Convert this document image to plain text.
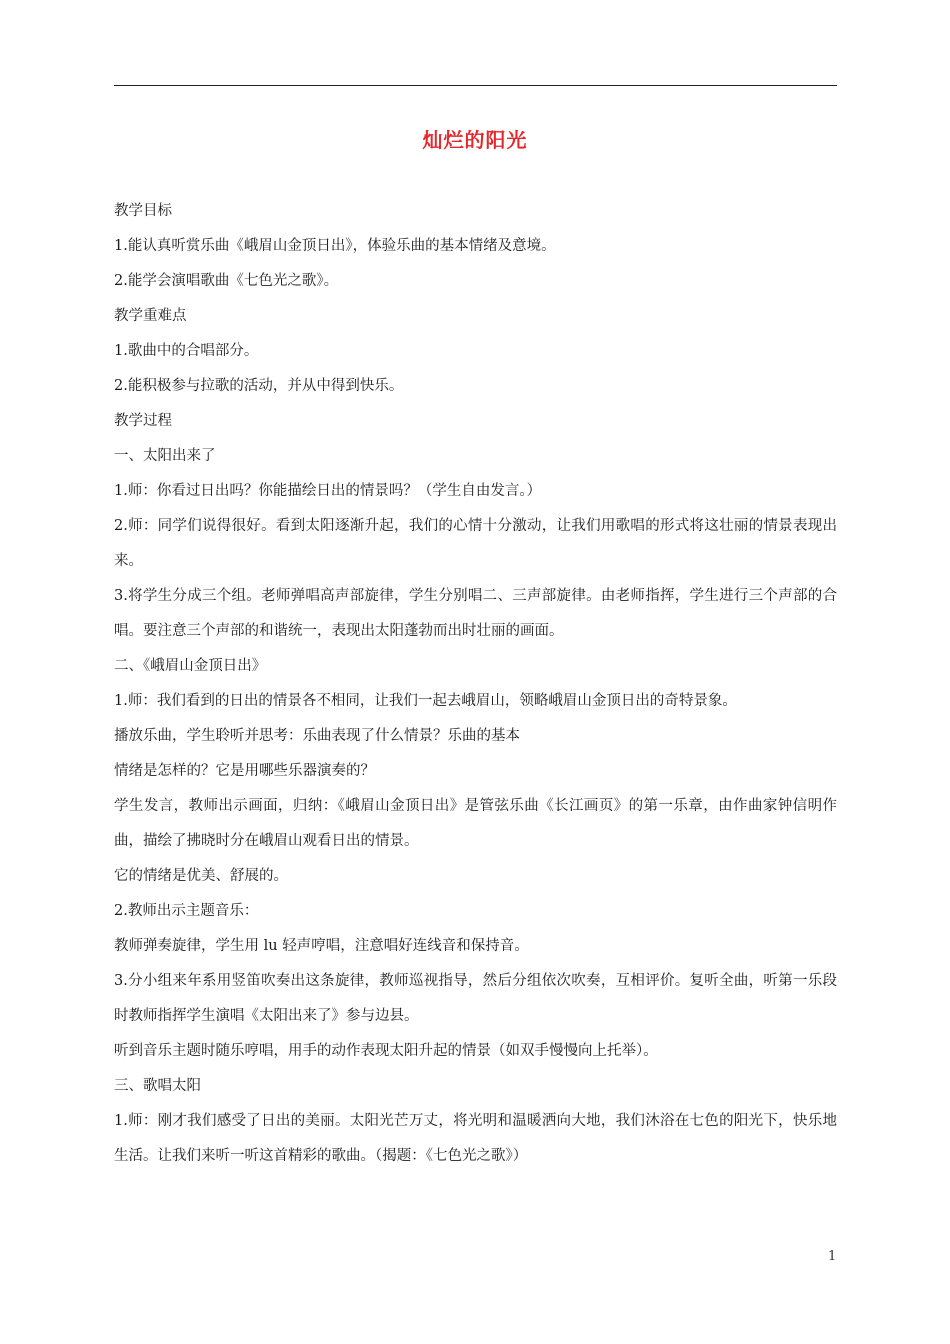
灿烂的阳光

教学目标

1.能认真听赏乐曲《峨眉山金顶日出》，体验乐曲的基本情绪及意境。

2.能学会演唱歌曲《七色光之歌》。

教学重难点

1.歌曲中的合唱部分。

2.能积极参与拉歌的活动，并从中得到快乐。

教学过程

一、太阳出来了

1.师：你看过日出吗？你能描绘日出的情景吗？（学生自由发言。）

2.师：同学们说得很好。看到太阳逐渐升起，我们的心情十分激动，让我们用歌唱的形式将这壮丽的情景表现出来。

3.将学生分成三个组。老师弹唱高声部旋律，学生分别唱二、三声部旋律。由老师指挥，学生进行三个声部的合唱。要注意三个声部的和谐统一，表现出太阳蓬勃而出时壮丽的画面。

二、《峨眉山金顶日出》

1.师：我们看到的日出的情景各不相同，让我们一起去峨眉山，领略峨眉山金顶日出的奇特景象。

播放乐曲，学生聆听并思考：乐曲表现了什么情景？乐曲的基本

情绪是怎样的？它是用哪些乐器演奏的？

学生发言，教师出示画面，归纳：《峨眉山金顶日出》是管弦乐曲《长江画页》的第一乐章，由作曲家钟信明作曲，描绘了拂晓时分在峨眉山观看日出的情景。

它的情绪是优美、舒展的。

2.教师出示主题音乐：

教师弹奏旋律，学生用 lu 轻声哼唱，注意唱好连线音和保持音。

3.分小组来年系用竖笛吹奏出这条旋律，教师巡视指导，然后分组依次吹奏，互相评价。复听全曲，听第一乐段时教师指挥学生演唱《太阳出来了》参与边县。

听到音乐主题时随乐哼唱，用手的动作表现太阳升起的情景（如双手慢慢向上托举）。

三、歌唱太阳

1.师：刚才我们感受了日出的美丽。太阳光芒万丈，将光明和温暖洒向大地，我们沐浴在七色的阳光下，快乐地生活。让我们来听一听这首精彩的歌曲。（揭题：《七色光之歌》）

1
